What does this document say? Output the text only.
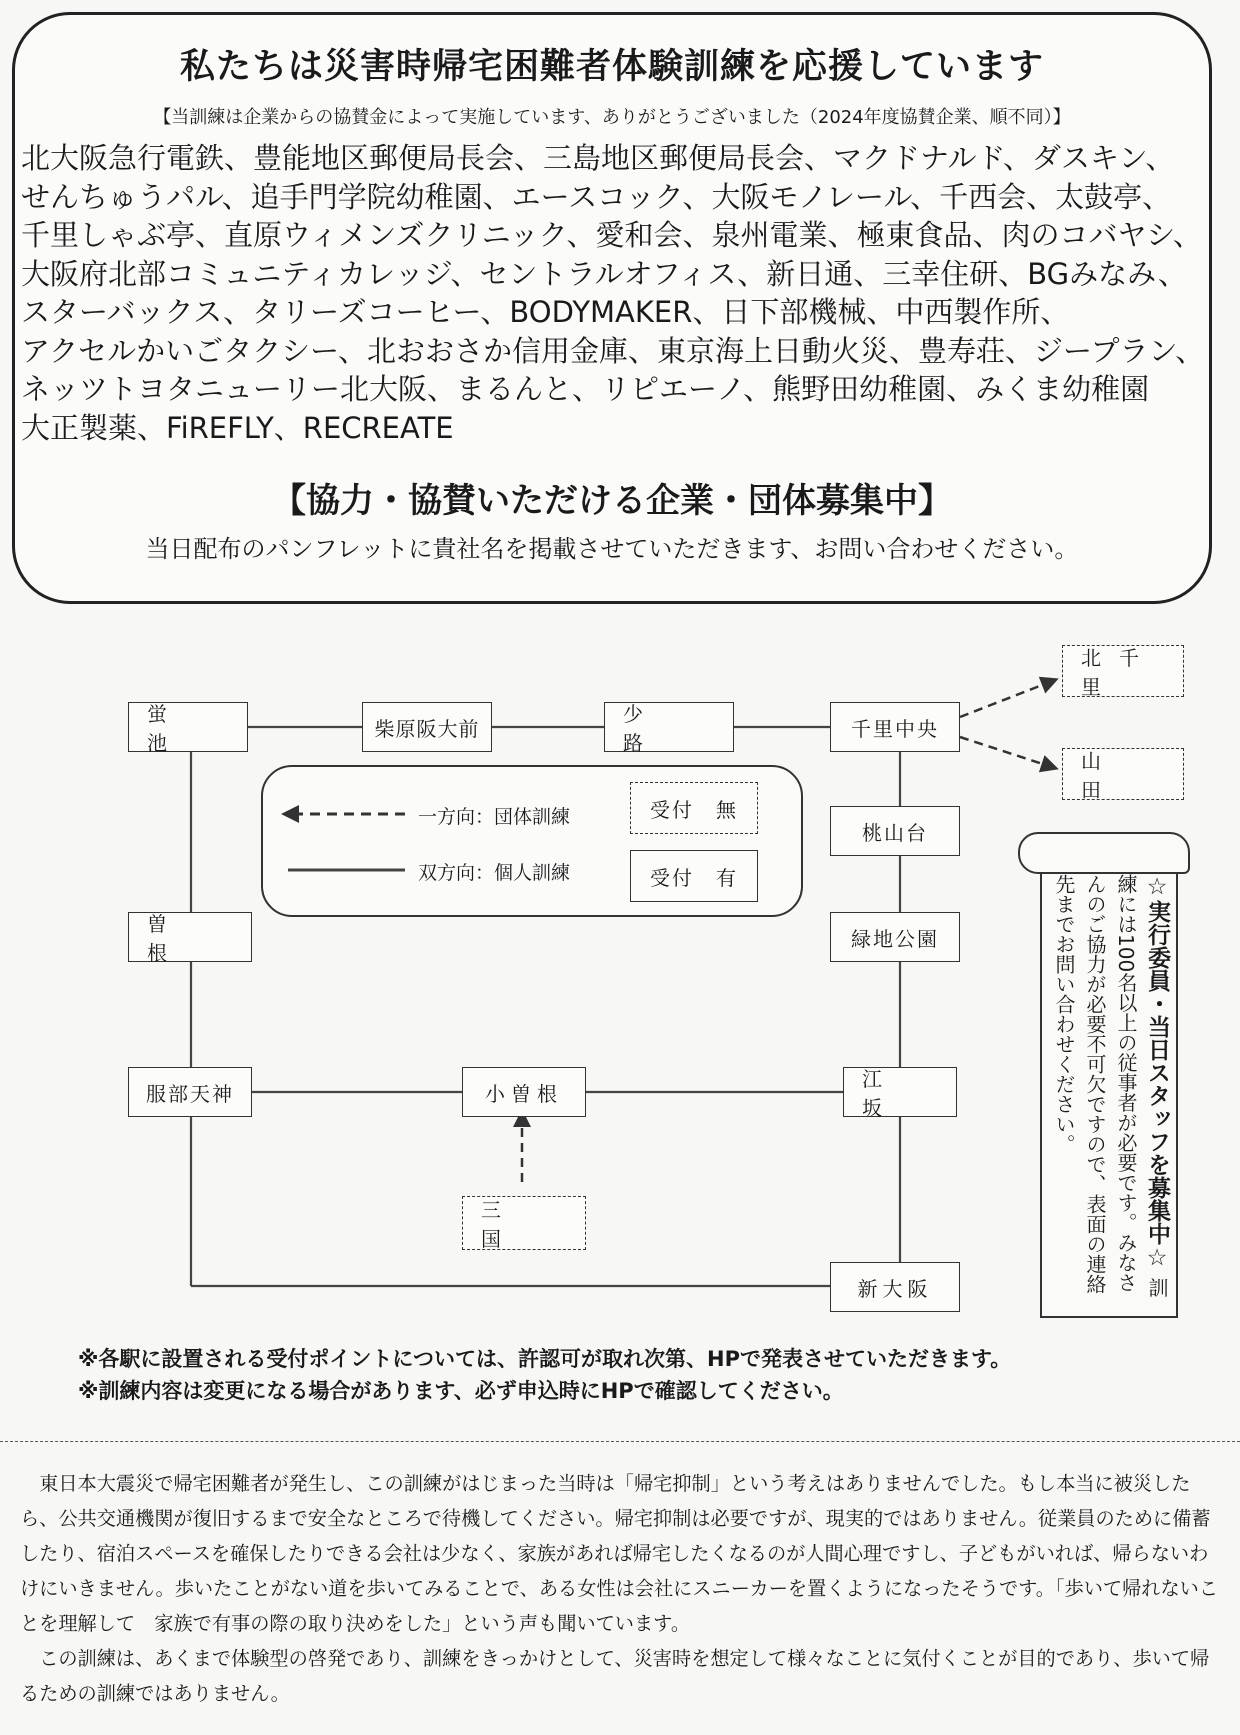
私たちは災害時帰宅困難者体験訓練を応援しています
【当訓練は企業からの協賛金によって実施しています、ありがとうございました（2024年度協賛企業、順不同）】
北大阪急行電鉄、豊能地区郵便局長会、三島地区郵便局長会、マクドナルド、ダスキン、
せんちゅうパル、追手門学院幼稚園、エースコック、大阪モノレール、千西会、太鼓亭、
千里しゃぶ亭、直原ウィメンズクリニック、愛和会、泉州電業、極東食品、肉のコバヤシ、
大阪府北部コミュニティカレッジ、セントラルオフィス、新日通、三幸住研、BGみなみ、
スターバックス、タリーズコーヒー、BODYMAKER、日下部機械、中西製作所、
アクセルかいごタクシー、北おおさか信用金庫、東京海上日動火災、豊寿荘、ジープラン、
ネッツトヨタニューリー北大阪、まるんと、リピエーノ、熊野田幼稚園、みくま幼稚園
大正製薬、FiREFLY、RECREATE
【協力・協賛いただける企業・団体募集中】
当日配布のパンフレットに貴社名を掲載させていただきます、お問い合わせください。
一方向：団体訓練
双方向：個人訓練
受付　無
受付　有
蛍　池
柴原阪大前
少　路
千里中央
北千里
山　田
桃山台
曽　根
緑地公園
服部天神	小曽根
江　坂
三　国
新大阪
☆実行委員・当日スタッフを募集中☆ 訓練には100名以上の従事者が必要です。みなさんのご協力が必要不可欠ですので、表面の連絡先までお問い合わせください。
※各駅に設置される受付ポイントについては、許認可が取れ次第、HPで発表させていただきます。
※訓練内容は変更になる場合があります、必ず申込時にHPで確認してください。

東日本大震災で帰宅困難者が発生し、この訓練がはじまった当時は「帰宅抑制」という考えはありませんでした。もし本当に被災したら、公共交通機関が復旧するまで安全なところで待機してください。帰宅抑制は必要ですが、現実的ではありません。従業員のために備蓄したり、宿泊スペースを確保したりできる会社は少なく、家族があれば帰宅したくなるのが人間心理ですし、子どもがいれば、帰らないわけにいきません。歩いたことがない道を歩いてみることで、ある女性は会社にスニーカーを置くようになったそうです。「歩いて帰れないことを理解して　家族で有事の際の取り決めをした」という声も聞いています。

この訓練は、あくまで体験型の啓発であり、訓練をきっかけとして、災害時を想定して様々なことに気付くことが目的であり、歩いて帰るための訓練ではありません。
